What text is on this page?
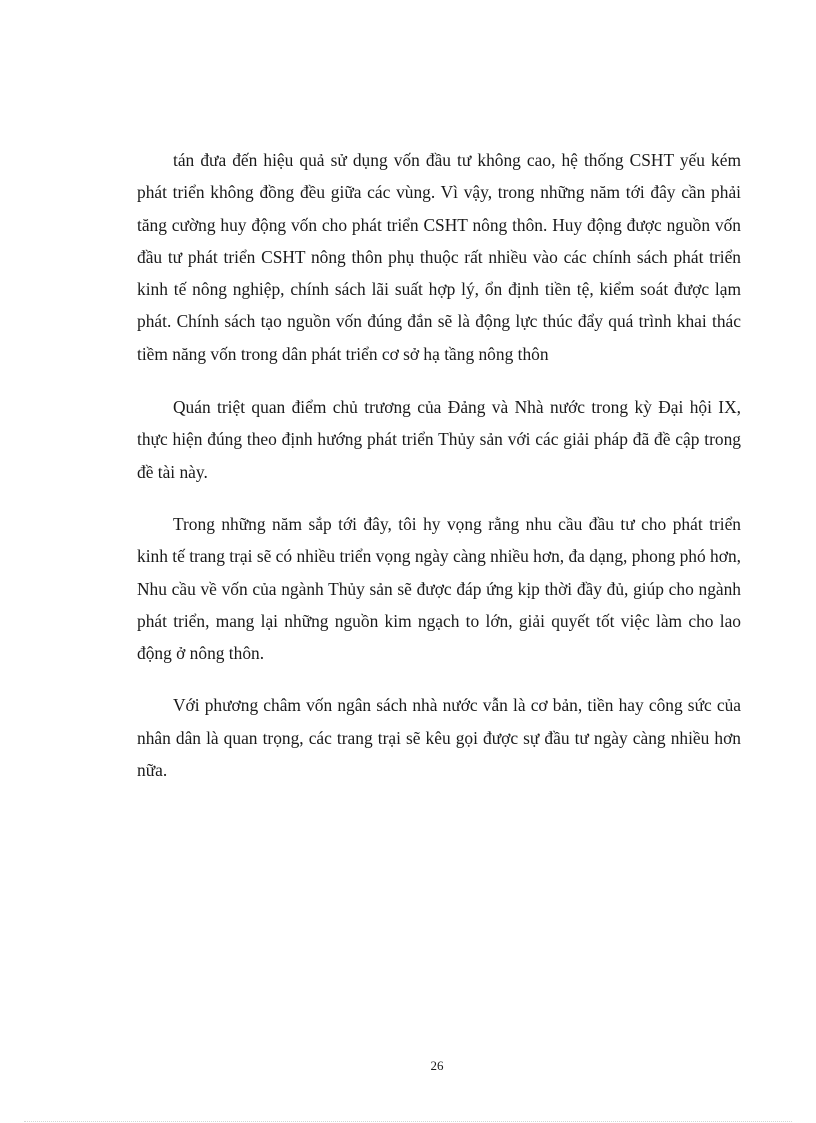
tán đưa đến hiệu quả sử dụng vốn đầu tư không cao, hệ thống CSHT yếu kém phát triển không đồng đều giữa các vùng. Vì vậy, trong những năm tới đây cần phải tăng cường huy động vốn cho phát triển CSHT nông thôn. Huy động được nguồn vốn đầu tư phát triển CSHT nông thôn phụ thuộc rất nhiều vào các chính sách phát triển kinh tế nông nghiệp, chính sách lãi suất hợp lý, ổn định tiền tệ, kiểm soát được lạm phát. Chính sách tạo nguồn vốn đúng đắn sẽ là động lực thúc đẩy quá trình khai thác tiềm năng vốn trong dân phát triển cơ sở hạ tầng nông thôn

Quán triệt quan điểm chủ trương của Đảng và Nhà nước trong kỳ Đại hội IX, thực hiện đúng theo định hướng phát triển Thủy sản với các giải pháp đã đề cập trong đề tài này.

Trong những năm sắp tới đây, tôi hy vọng rằng nhu cầu đầu tư cho phát triển kinh tế trang trại sẽ có nhiều triển vọng ngày càng nhiều hơn, đa dạng, phong phó hơn, Nhu cầu về vốn của ngành Thủy sản sẽ được đáp ứng kịp thời đầy đủ, giúp cho ngành phát triển, mang lại những nguồn kim ngạch to lớn, giải quyết tốt việc làm cho lao động ở nông thôn.

Với phương châm vốn ngân sách nhà nước vẫn là cơ bản, tiền hay công sức của nhân dân là quan trọng, các trang trại sẽ kêu gọi được sự đầu tư ngày càng nhiều hơn nữa.

26
